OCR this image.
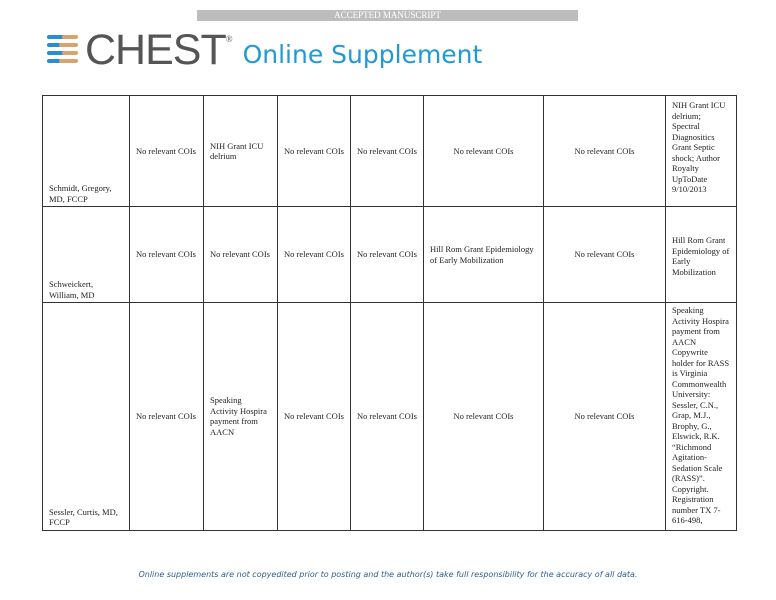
ACCEPTED MANUSCRIPT
CHEST ®
Online Supplement
Schmidt, Gregory, MD, FCCP	No relevant COIs	NIH Grant ICU delrium	No relevant COIs	No relevant COIs	No relevant COIs	No relevant COIs	NIH Grant ICU delrium; Spectral Diagnositics Grant Septic shock; Author Royalty UpToDate 9/10/2013
Schweickert, William, MD	No relevant COIs	No relevant COIs	No relevant COIs	No relevant COIs	Hill Rom Grant Epidemiology of Early Mobilization	No relevant COIs	Hill Rom Grant Epidemiology of Early Mobilization
Sessler, Curtis, MD, FCCP	No relevant COIs	Speaking Activity Hospira payment from AACN	No relevant COIs	No relevant COIs	No relevant COIs	No relevant COIs	Speaking Activity Hospira payment from AACN Copywrite holder for RASS is Virginia Commonwealth University: Sessler, C.N., Grap, M.J., Brophy, G., Elswick, R.K. “Richmond Agitation-Sedation Scale (RASS)”. Copyright. Registration number TX 7-616-498,
Online supplements are not copyedited prior to posting and the author(s) take full responsibility for the accuracy of all data.
